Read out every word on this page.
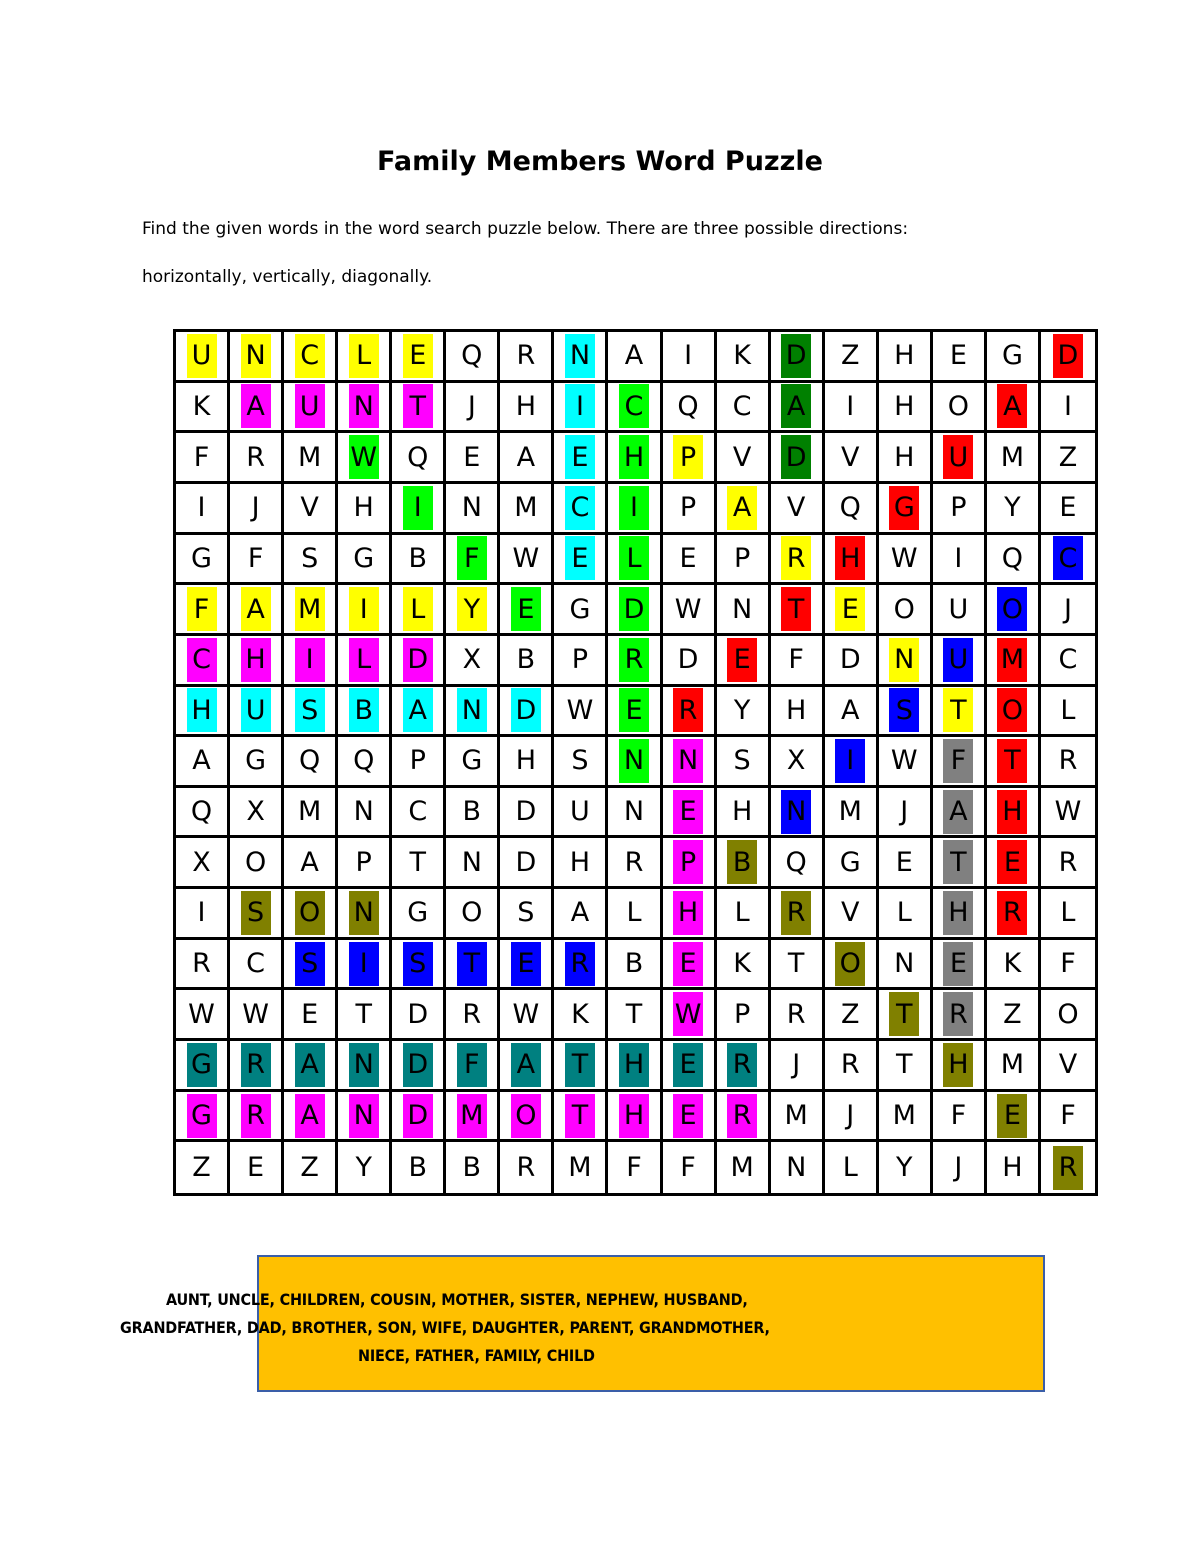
Family Members Word Puzzle
Find the given words in the word search puzzle below. There are three possible directions:
horizontally, vertically, diagonally.
U N C L E Q R N A	I	K D Z H E G D
K A U N T	J	H	I	C Q C A	I	H O A	I
F R M W Q E A E H P V D V H U M Z
I	J	V H	I	N M C	I	P A V Q G P Y E
G F S G B F W E L E P R H W	I	Q C
F A M	I	L Y E G D W N T E O U O	J
C H	I	L D X B P R D E F D N U M C
H U S B A N D W E R Y H A S T O L
A G Q Q P G H S N N S X	I	W F T R
Q X M N C B D U N E H N M	J	A H W
X O A P T N D H R P B Q G E T E R
I	S O N G O S A L H L R V L H R L
R C S	I	S T E R B E K T O N E K F
W W E T D R W K T W P R Z T R Z O
G R A N D F A T H E R	J	R T H M V
G R A N D M O T H E R M	J	M F E F
Z E Z Y B B R M F F M N L Y	J	H R
AUNT, UNCLE, CHILDREN, COUSIN, MOTHER, SISTER, NEPHEW, HUSBAND,
GRANDFATHER, DAD, BROTHER, SON, WIFE, DAUGHTER, PARENT, GRANDMOTHER,
NIECE, FATHER, FAMILY, CHILD
